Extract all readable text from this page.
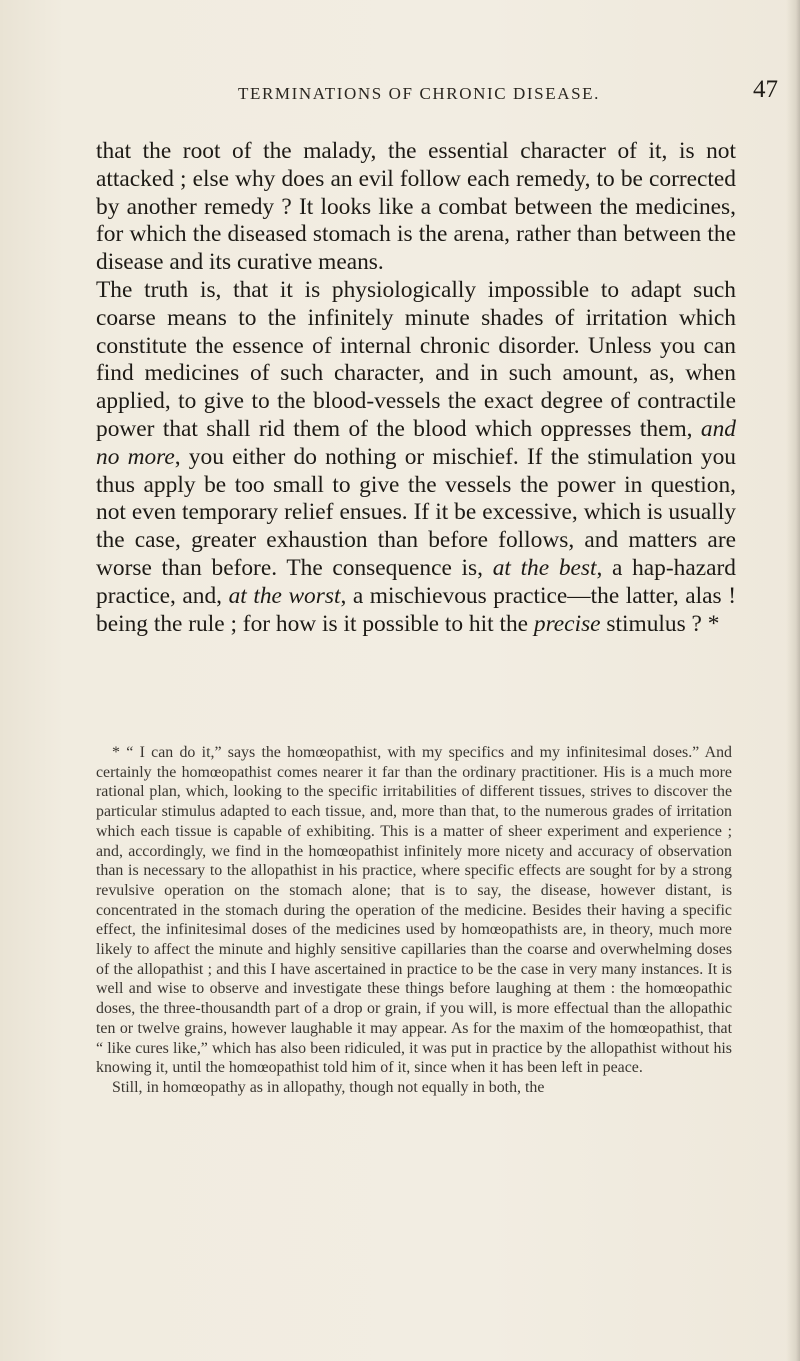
TERMINATIONS OF CHRONIC DISEASE.	47

that the root of the malady, the essential character of it, is not attacked ; else why does an evil follow each remedy, to be corrected by another remedy ? It looks like a combat between the medicines, for which the diseased stomach is the arena, rather than between the disease and its curative means.

The truth is, that it is physiologically impossible to adapt such coarse means to the infinitely minute shades of irritation which constitute the essence of internal chronic disorder. Unless you can find medicines of such character, and in such amount, as, when applied, to give to the blood-vessels the exact degree of contractile power that shall rid them of the blood which oppresses them, and no more, you either do nothing or mischief. If the stimulation you thus apply be too small to give the vessels the power in question, not even temporary relief ensues. If it be excessive, which is usually the case, greater exhaustion than before follows, and matters are worse than before. The consequence is, at the best, a hap-hazard practice, and, at the worst, a mischievous practice—the latter, alas ! being the rule ; for how is it possible to hit the precise stimulus ? *

* “ I can do it,” says the homœopathist, with my specifics and my infinitesimal doses.” And certainly the homœopathist comes nearer it far than the ordinary practitioner. His is a much more rational plan, which, looking to the specific irritabilities of different tissues, strives to discover the particular stimulus adapted to each tissue, and, more than that, to the numerous grades of irritation which each tissue is capable of exhibiting. This is a matter of sheer experiment and experience ; and, accordingly, we find in the homœopathist infinitely more nicety and accuracy of observation than is necessary to the allopathist in his practice, where specific effects are sought for by a strong revulsive operation on the stomach alone; that is to say, the disease, however distant, is concentrated in the stomach during the operation of the medicine. Besides their having a specific effect, the infinitesimal doses of the medicines used by homœopathists are, in theory, much more likely to affect the minute and highly sensitive capillaries than the coarse and overwhelming doses of the allopathist ; and this I have ascertained in practice to be the case in very many instances. It is well and wise to observe and investigate these things before laughing at them : the homœopathic doses, the three-thousandth part of a drop or grain, if you will, is more effectual than the allopathic ten or twelve grains, however laughable it may appear. As for the maxim of the homœopathist, that “ like cures like,” which has also been ridiculed, it was put in practice by the allopathist without his knowing it, until the homœopathist told him of it, since when it has been left in peace.

Still, in homœopathy as in allopathy, though not equally in both, the
